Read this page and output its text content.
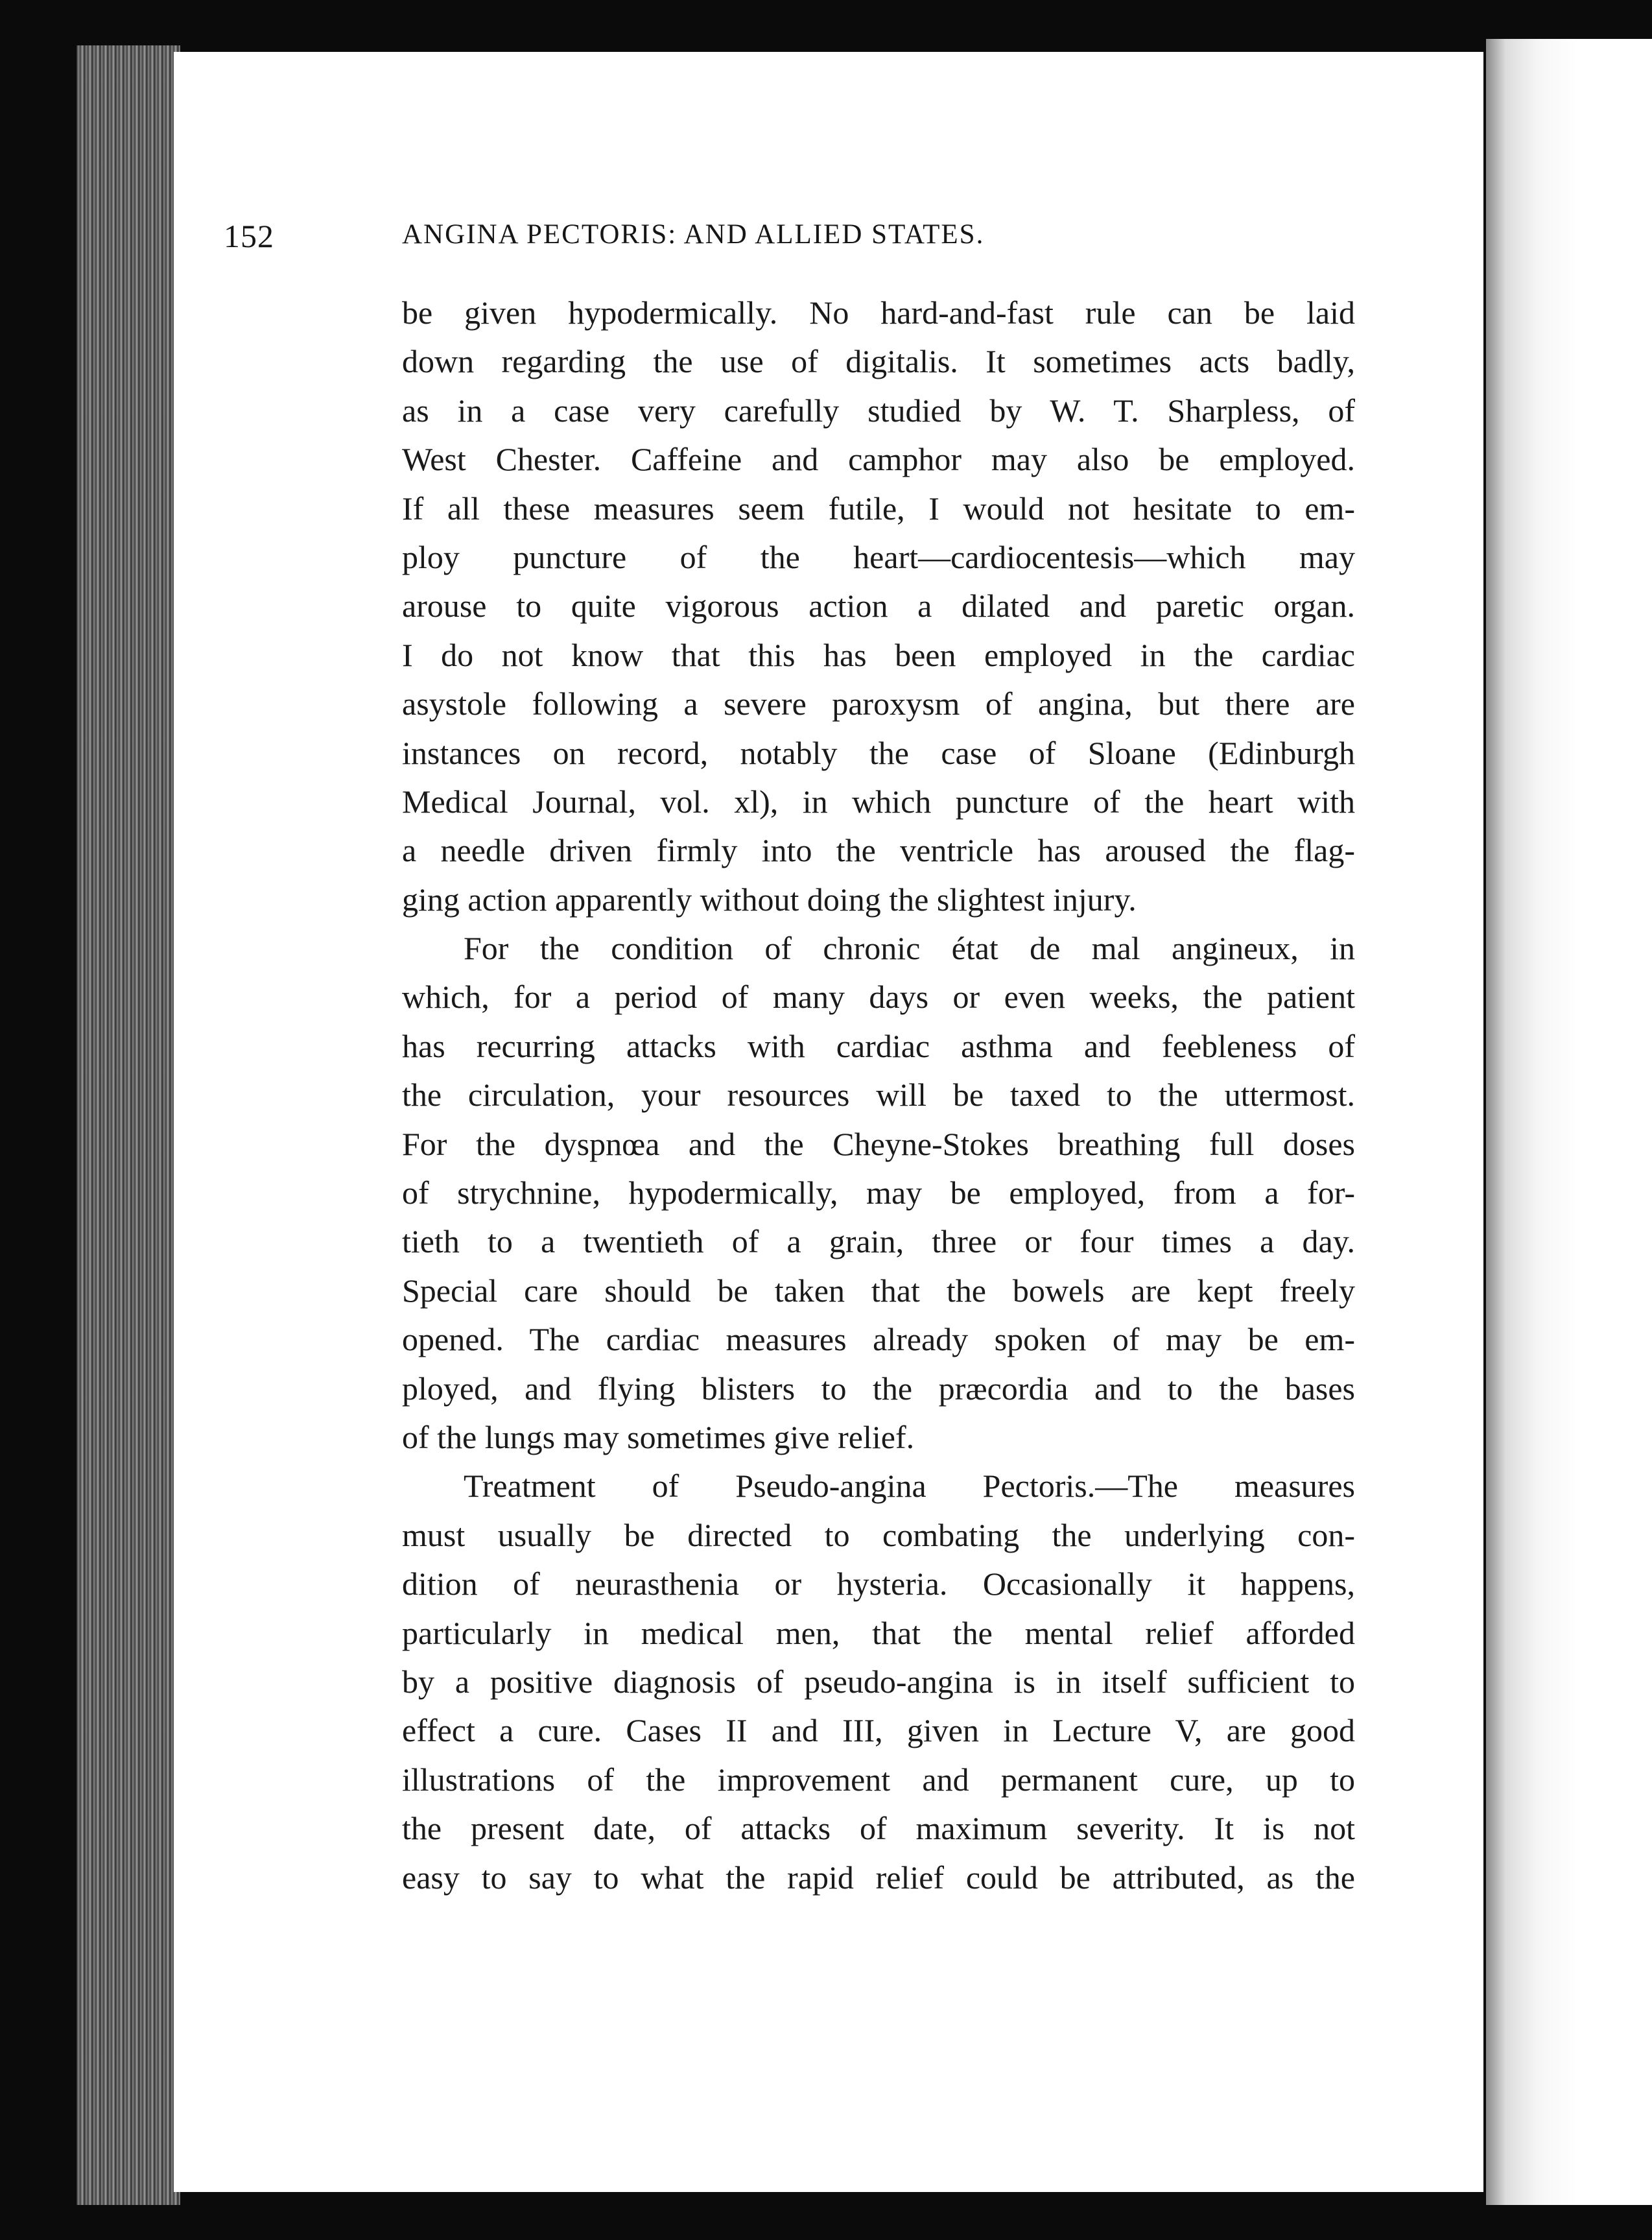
152	ANGINA PECTORIS: AND ALLIED STATES.
be given hypodermically. No hard-and-fast rule can be laid
down regarding the use of digitalis. It sometimes acts badly,
as in a case very carefully studied by W. T. Sharpless, of
West Chester. Caffeine and camphor may also be employed.
If all these measures seem futile, I would not hesitate to em-
ploy puncture of the heart—cardiocentesis—which may
arouse to quite vigorous action a dilated and paretic organ.
I do not know that this has been employed in the cardiac
asystole following a severe paroxysm of angina, but there are
instances on record, notably the case of Sloane (Edinburgh
Medical Journal, vol. xl), in which puncture of the heart with
a needle driven firmly into the ventricle has aroused the flag-
ging action apparently without doing the slightest injury.
For the condition of chronic état de mal angineux, in
which, for a period of many days or even weeks, the patient
has recurring attacks with cardiac asthma and feebleness of
the circulation, your resources will be taxed to the uttermost.
For the dyspnœa and the Cheyne-Stokes breathing full doses
of strychnine, hypodermically, may be employed, from a for-
tieth to a twentieth of a grain, three or four times a day.
Special care should be taken that the bowels are kept freely
opened. The cardiac measures already spoken of may be em-
ployed, and flying blisters to the præcordia and to the bases
of the lungs may sometimes give relief.
Treatment of Pseudo-angina Pectoris.—The measures
must usually be directed to combating the underlying con-
dition of neurasthenia or hysteria. Occasionally it happens,
particularly in medical men, that the mental relief afforded
by a positive diagnosis of pseudo-angina is in itself sufficient to
effect a cure. Cases II and III, given in Lecture V, are good
illustrations of the improvement and permanent cure, up to
the present date, of attacks of maximum severity. It is not
easy to say to what the rapid relief could be attributed, as the
